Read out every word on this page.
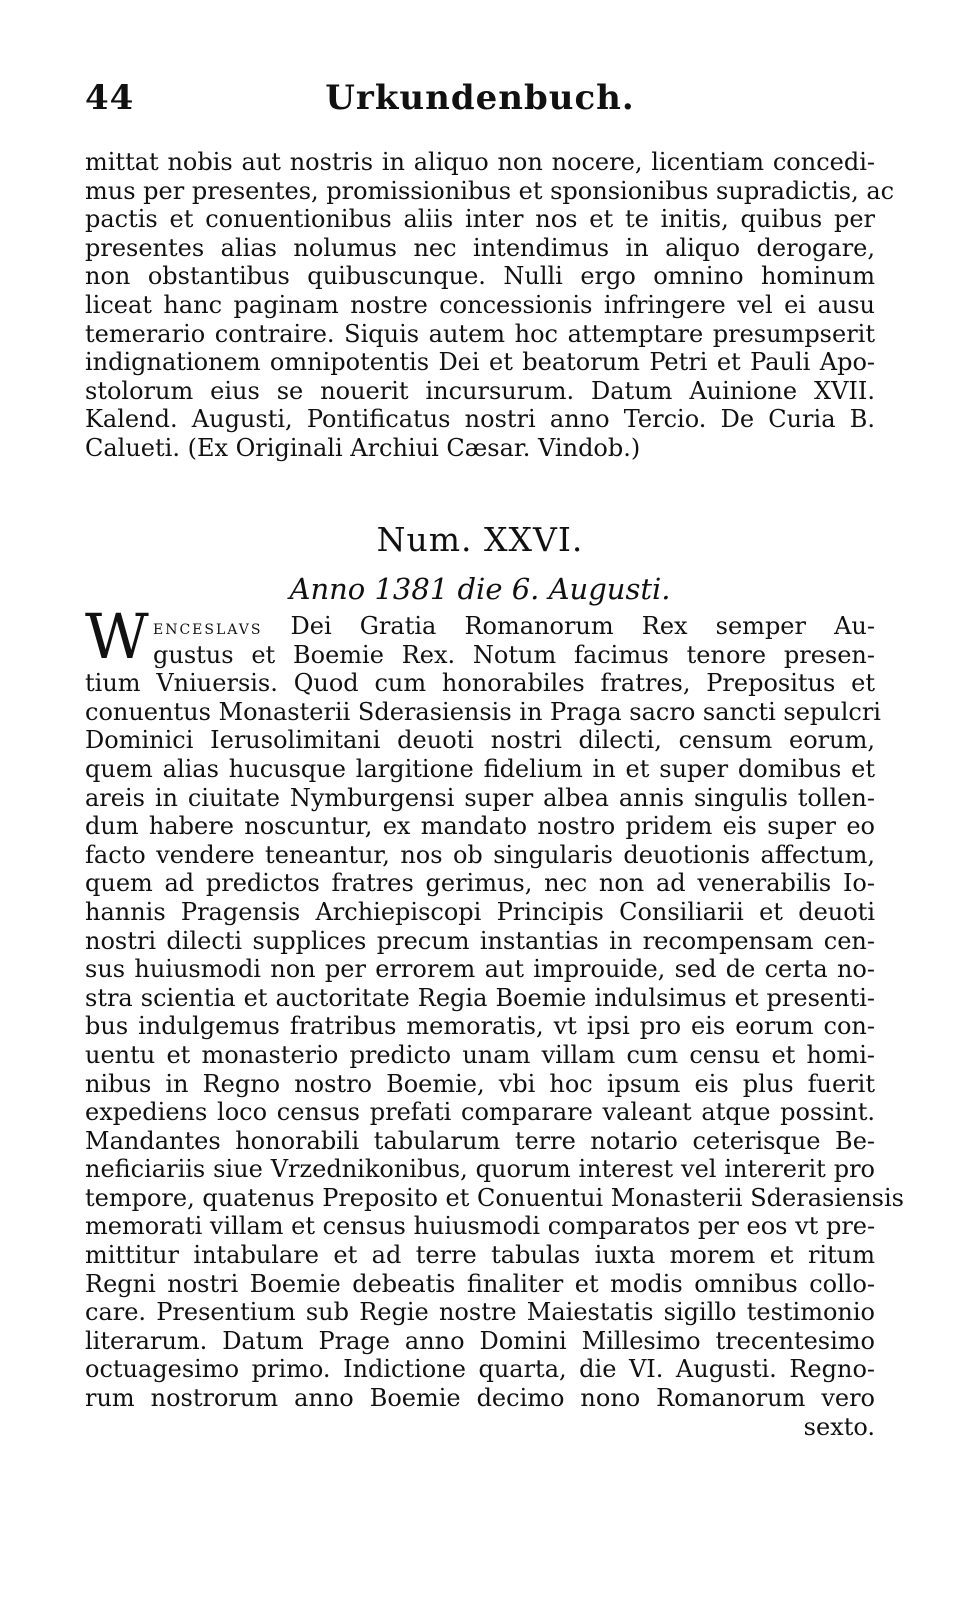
44	Urkundenbuch.
mittat nobis aut nostris in aliquo non nocere, licentiam concedi-
mus per presentes, promissionibus et sponsionibus supradictis, ac
pactis et conuentionibus aliis inter nos et te initis, quibus per
presentes alias nolumus nec intendimus in aliquo derogare,
non obstantibus quibuscunque. Nulli ergo omnino hominum
liceat hanc paginam nostre concessionis infringere vel ei ausu
temerario contraire. Siquis autem hoc attemptare presumpserit
indignationem omnipotentis Dei et beatorum Petri et Pauli Apo-
stolorum eius se nouerit incursurum. Datum Auinione XVII.
Kalend. Augusti, Pontificatus nostri anno Tercio. De Curia B.
Calueti. (Ex Originali Archiui Cæsar. Vindob.)
Num. XXVI.
Anno 1381 die 6. Augusti.
W enceslavs Dei Gratia Romanorum Rex semper Au-
gustus et Boemie Rex. Notum facimus tenore presen-
tium Vniuersis. Quod cum honorabiles fratres, Prepositus et
conuentus Monasterii Sderasiensis in Praga sacro sancti sepulcri
Dominici Ierusolimitani deuoti nostri dilecti, censum eorum,
quem alias hucusque largitione fidelium in et super domibus et
areis in ciuitate Nymburgensi super albea annis singulis tollen-
dum habere noscuntur, ex mandato nostro pridem eis super eo
facto vendere teneantur, nos ob singularis deuotionis affectum,
quem ad predictos fratres gerimus, nec non ad venerabilis Io-
hannis Pragensis Archiepiscopi Principis Consiliarii et deuoti
nostri dilecti supplices precum instantias in recompensam cen-
sus huiusmodi non per errorem aut improuide, sed de certa no-
stra scientia et auctoritate Regia Boemie indulsimus et presenti-
bus indulgemus fratribus memoratis, vt ipsi pro eis eorum con-
uentu et monasterio predicto unam villam cum censu et homi-
nibus in Regno nostro Boemie, vbi hoc ipsum eis plus fuerit
expediens loco census prefati comparare valeant atque possint.
Mandantes honorabili tabularum terre notario ceterisque Be-
neficiariis siue Vrzednikonibus, quorum interest vel intererit pro
tempore, quatenus Preposito et Conuentui Monasterii Sderasiensis
memorati villam et census huiusmodi comparatos per eos vt pre-
mittitur intabulare et ad terre tabulas iuxta morem et ritum
Regni nostri Boemie debeatis finaliter et modis omnibus collo-
care. Presentium sub Regie nostre Maiestatis sigillo testimonio
literarum. Datum Prage anno Domini Millesimo trecentesimo
octuagesimo primo. Indictione quarta, die VI. Augusti. Regno-
rum nostrorum anno Boemie decimo nono Romanorum vero
sexto.
